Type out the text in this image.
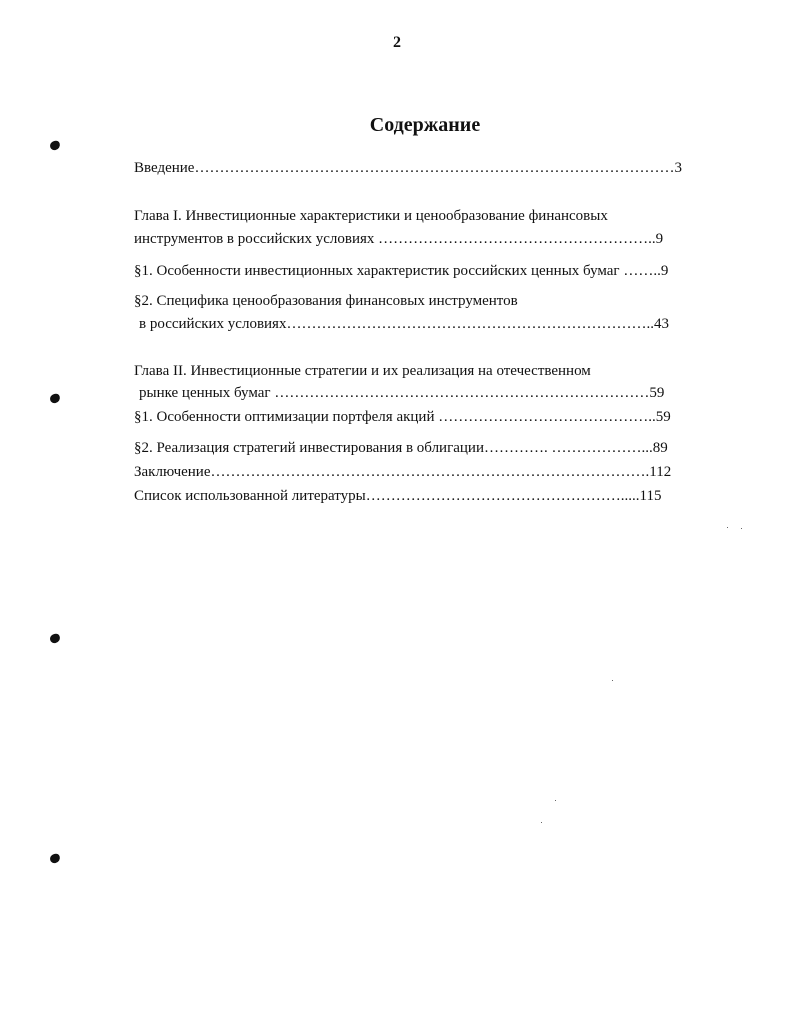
2
Содержание
Введение……………………………………………………………………………………3
Глава I. Инвестиционные характеристики и ценообразование финансовых
инструментов в российских условиях ………………………………………………..9
§1. Особенности инвестиционных характеристик российских ценных бумаг ……..9
§2. Специфика ценообразования финансовых инструментов
в российских условиях………………………………………………………………..43
Глава II. Инвестиционные стратегии и их реализация на отечественном
рынке ценных бумаг …………………………………………………………………59
§1. Особенности оптимизации портфеля акций ……………………………………..59
§2. Реализация стратегий инвестирования в облигации…………. ………………...89
Заключение…………………………………………………………………………….112
Список использованной литературы…………………………………………….....115
